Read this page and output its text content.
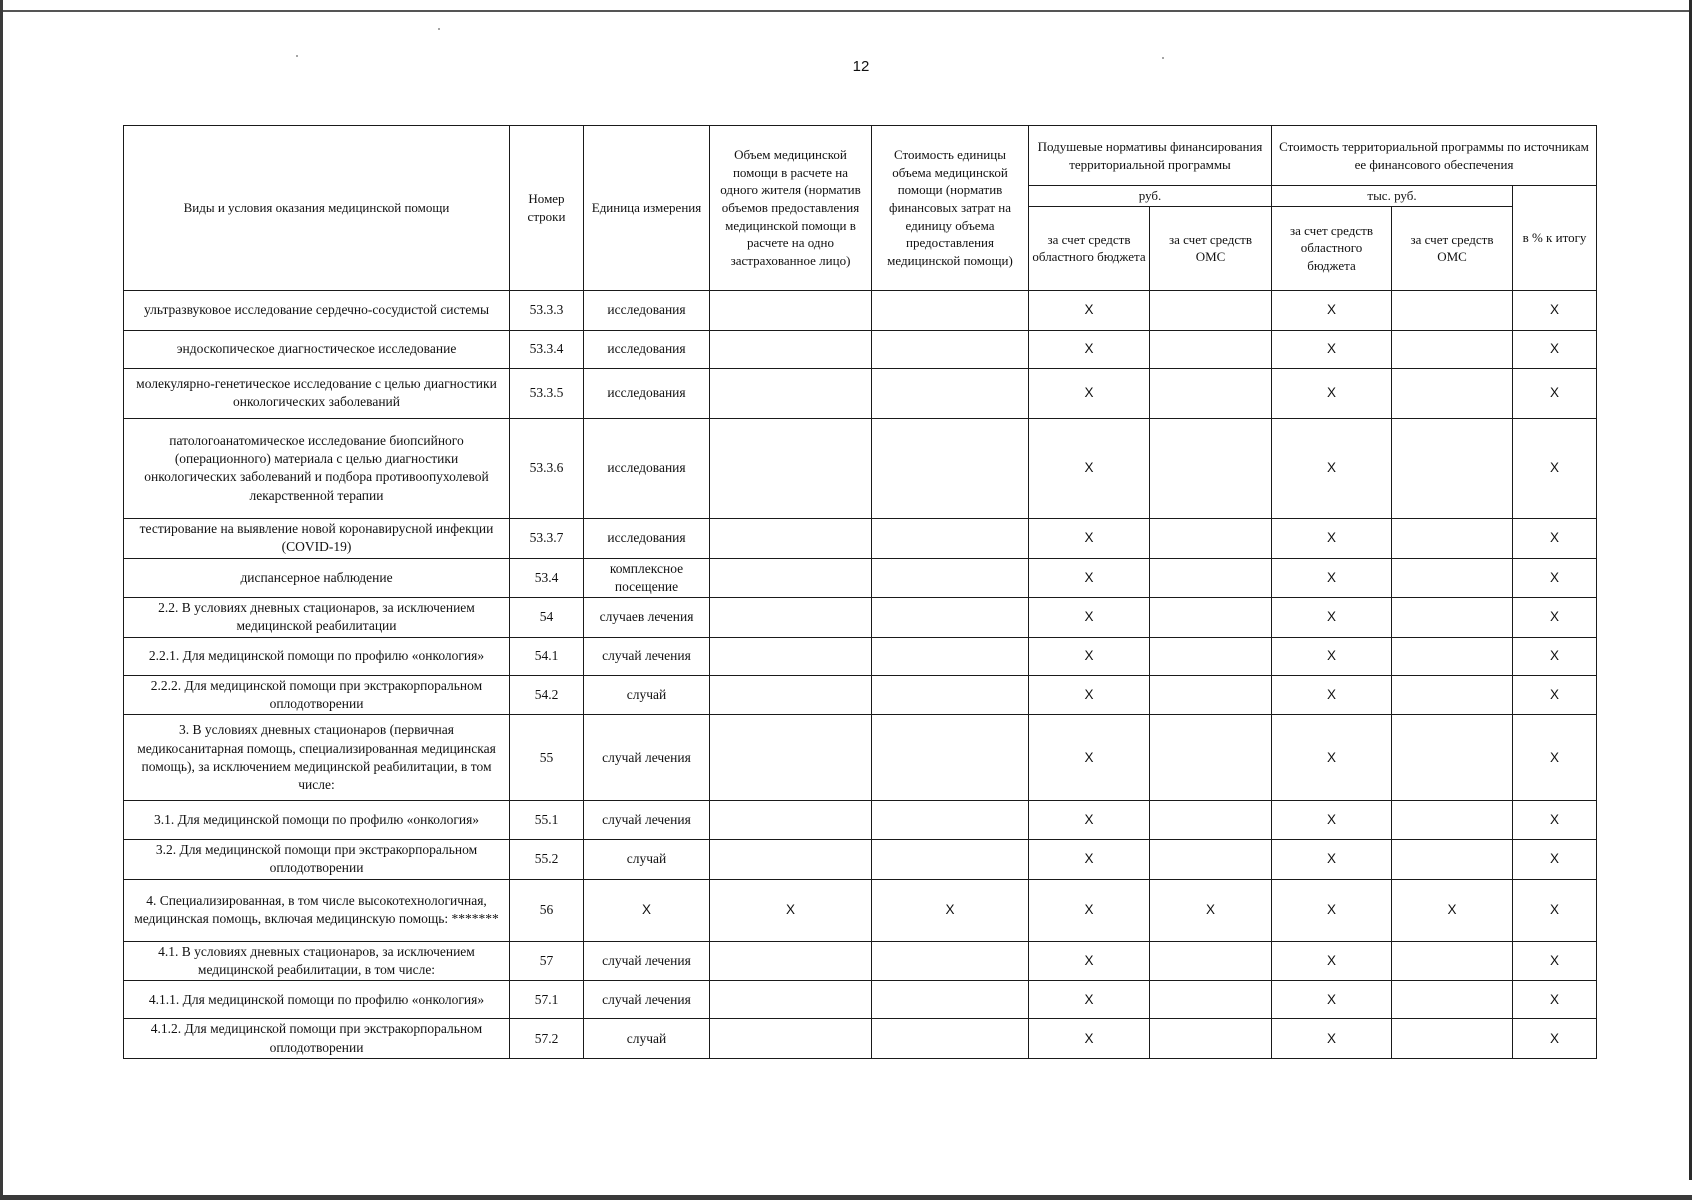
12
Виды и условия оказания медицинской помощи	Номер строки	Единица измерения	Объем медицинской помощи в расчете на одного жителя (норматив объемов предоставления медицинской помощи в расчете на одно застрахованное лицо)	Стоимость единицы объема медицинской помощи (норматив финансовых затрат на единицу объема предоставления медицинской помощи)	Подушевые нормативы финансирования территориальной программы		Стоимость территориальной программы по источникам ее финансового обеспечения		
					руб.		тыс. руб.		в % к итогу
					за счет средств областного бюджета	за счет средств ОМС	за счет средств областного бюджета	за счет средств ОМС	
ультразвуковое исследование сердечно-сосудистой системы	53.3.3	исследования			X		X		X
эндоскопическое диагностическое исследование	53.3.4	исследования			X		X		X
молекулярно-генетическое исследование с целью диагностики онкологических заболеваний	53.3.5	исследования			X		X		X
патологоанатомическое исследование биопсийного (операционного) материала с целью диагностики онкологических заболеваний и подбора противоопухолевой лекарственной терапии	53.3.6	исследования			X		X		X
тестирование на выявление новой коронавирусной инфекции (COVID-19)	53.3.7	исследования			X		X		X
диспансерное наблюдение	53.4	комплексное посещение			X		X		X
2.2. В условиях дневных стационаров, за исключением медицинской реабилитации	54	случаев лечения			X		X		X
2.2.1. Для медицинской помощи по профилю «онкология»	54.1	случай лечения			X		X		X
2.2.2. Для медицинской помощи при экстракорпоральном оплодотворении	54.2	случай			X		X		X
3. В условиях дневных стационаров (первичная медикосанитарная помощь, специализированная медицинская помощь), за исключением медицинской реабилитации, в том числе:	55	случай лечения			X		X		X
3.1. Для медицинской помощи по профилю «онкология»	55.1	случай лечения			X		X		X
3.2. Для медицинской помощи при экстракорпоральном оплодотворении	55.2	случай			X		X		X
4. Специализированная, в том числе высокотехнологичная, медицинская помощь, включая медицинскую помощь: *******	56	X	X	X	X	X	X	X	X
4.1. В условиях дневных стационаров, за исключением медицинской реабилитации, в том числе:	57	случай лечения			X		X		X
4.1.1. Для медицинской помощи по профилю «онкология»	57.1	случай лечения			X		X		X
4.1.2. Для медицинской помощи при экстракорпоральном оплодотворении	57.2	случай			X		X		X
